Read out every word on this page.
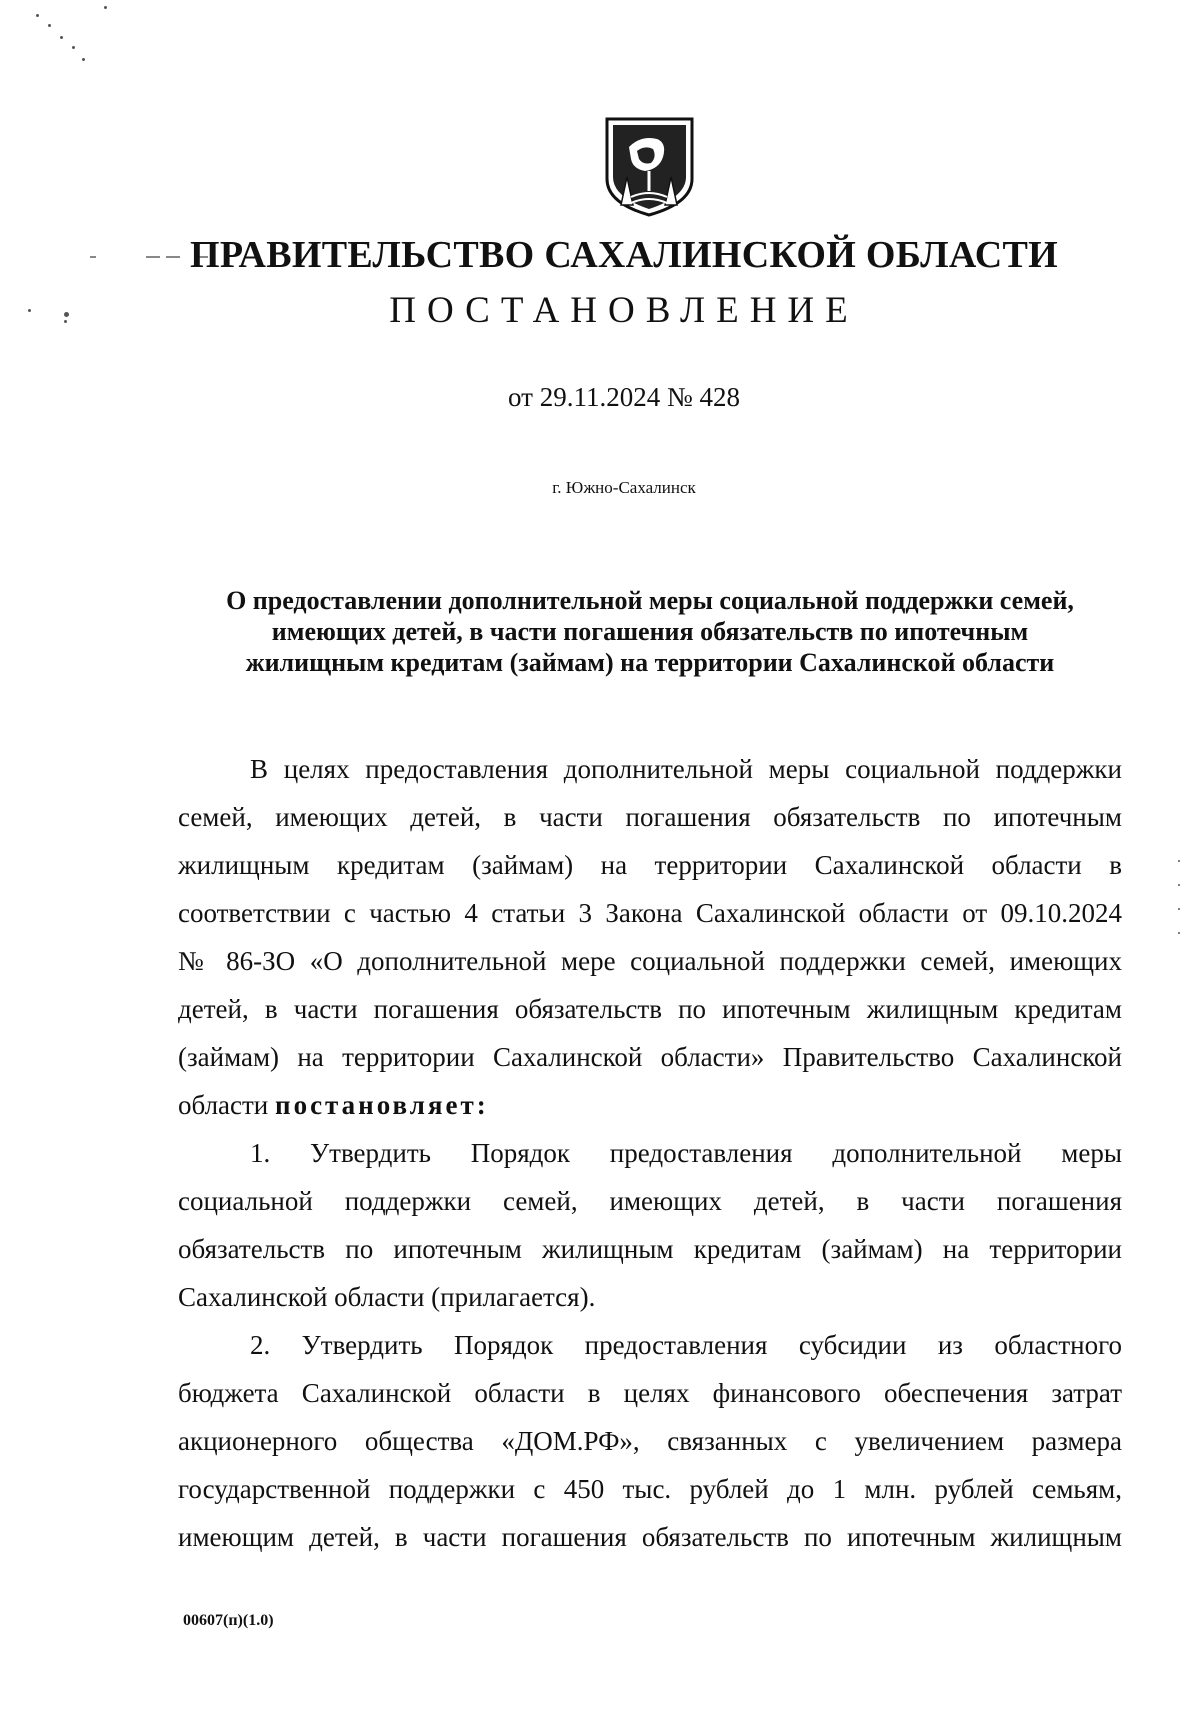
ПРАВИТЕЛЬСТВО САХАЛИНСКОЙ ОБЛАСТИ
ПОСТАНОВЛЕНИЕ
от 29.11.2024 № 428
г. Южно-Сахалинск
О предоставлении дополнительной меры социальной поддержки семей,
имеющих детей, в части погашения обязательств по ипотечным
жилищным кредитам (займам) на территории Сахалинской области
В целях предоставления дополнительной меры социальной поддержки
семей, имеющих детей, в части погашения обязательств по ипотечным
жилищным кредитам (займам) на территории Сахалинской области в
соответствии с частью 4 статьи 3 Закона Сахалинской области от 09.10.2024
№ 86-ЗО «О дополнительной мере социальной поддержки семей, имеющих
детей, в части погашения обязательств по ипотечным жилищным кредитам
(займам) на территории Сахалинской области» Правительство Сахалинской
области постановляет:
1. Утвердить Порядок предоставления дополнительной меры
социальной поддержки семей, имеющих детей, в части погашения
обязательств по ипотечным жилищным кредитам (займам) на территории
Сахалинской области (прилагается).
2. Утвердить Порядок предоставления субсидии из областного
бюджета Сахалинской области в целях финансового обеспечения затрат
акционерного общества «ДОМ.РФ», связанных с увеличением размера
государственной поддержки с 450 тыс. рублей до 1 млн. рублей семьям,
имеющим детей, в части погашения обязательств по ипотечным жилищным
00607(п)(1.0)
